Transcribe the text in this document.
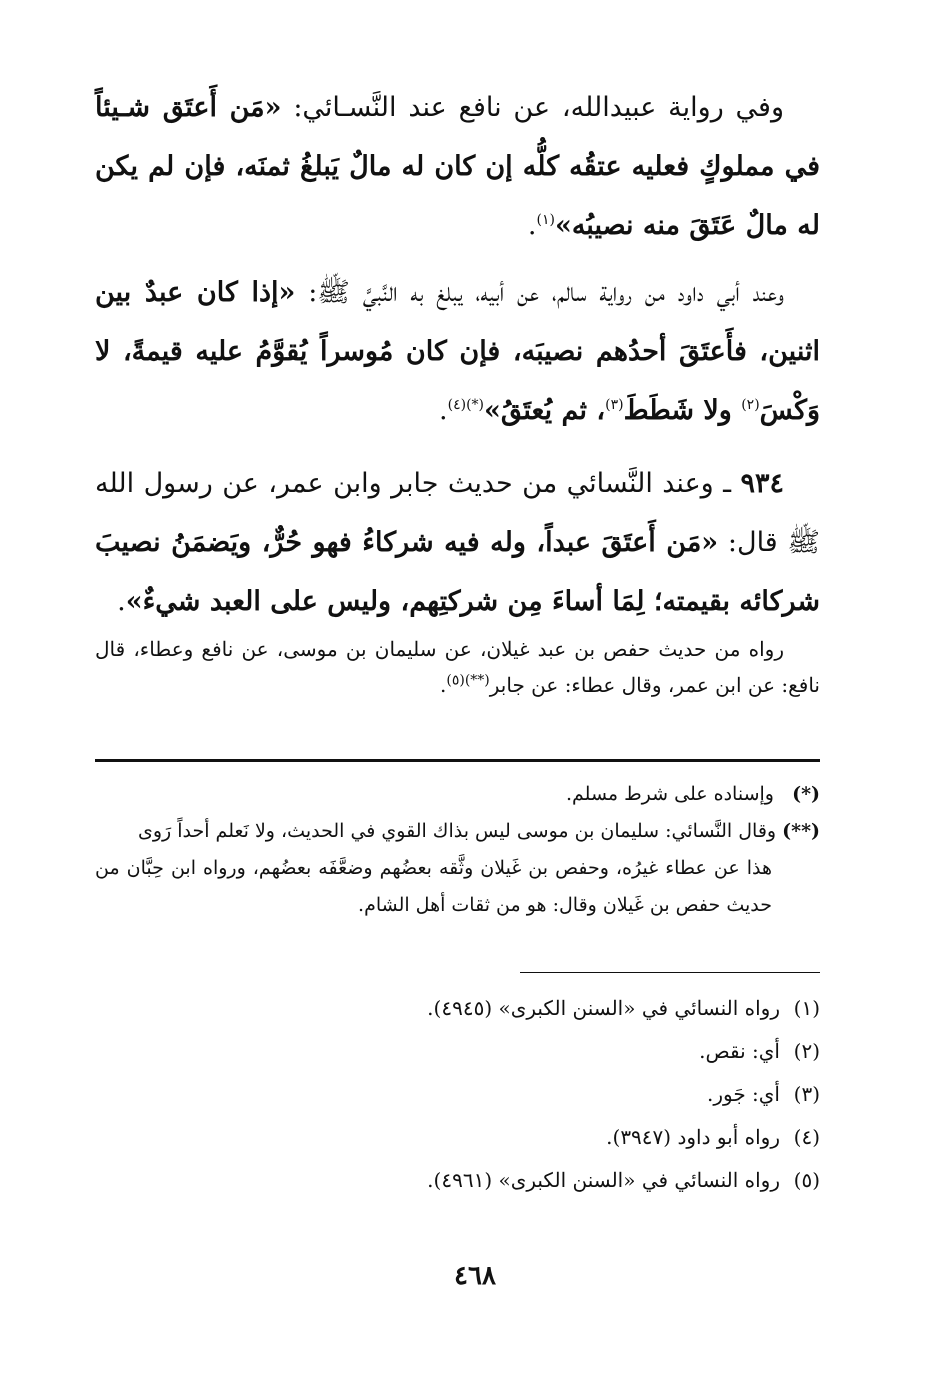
وفي رواية عبيدالله، عن نافع عند النَّسـائي: «مَن أَعتَق شـيئاً في مملوكٍ فعليه عتقُه كلُّه إن كان له مالٌ يَبلغُ ثمنَه، فإن لم يكن له مالٌ عَتَقَ منه نصيبُه»$^{(١)}$.

وعند أبي داود من رواية سالم، عن أبيه، يبلغ به النَّبيَّ ﷺ: «إذا كان عبدٌ بين اثنين، فأَعتَقَ أحدُهم نصيبَه، فإن كان مُوسراً يُقوَّمُ عليه قيمةً، لا وَكْسَ$^{(٢)}$ ولا شَطَطَ$^{(٣)}$، ثم يُعتَقُ»$^{(*)(٤)}$.

٩٣٤ ـ وعند النَّسائي من حديث جابر وابن عمر، عن رسول الله ﷺ قال: «مَن أَعتَقَ عبداً، وله فيه شركاءُ فهو حُرٌّ، ويَضمَنُ نصيبَ شركائه بقيمته؛ لِمَا أساءَ مِن شركتِهم، وليس على العبد شيءٌ».

رواه من حديث حفص بن عبد غيلان، عن سليمان بن موسى، عن نافع وعطاء، قال نافع: عن ابن عمر، وقال عطاء: عن جابر$^{(**)(٥)}$.

(*)   وإسناده على شرط مسلم.

(**) وقال النَّسائي: سليمان بن موسى ليس بذاك القوي في الحديث، ولا نَعلم أحداً رَوى

هذا عن عطاء غيرُه، وحفص بن غَيلان وثَّقه بعضُهم وضعَّفَه بعضُهم، ورواه ابن حِبَّان من حديث حفص بن غَيلان وقال: هو من ثقات أهل الشام.

(١)رواه النسائي في «السنن الكبرى» (٤٩٤٥).

(٢)أي: نقص.

(٣)أي: جَور.

(٤)رواه أبو داود (٣٩٤٧).

(٥)رواه النسائي في «السنن الكبرى» (٤٩٦١).

٤٦٨
